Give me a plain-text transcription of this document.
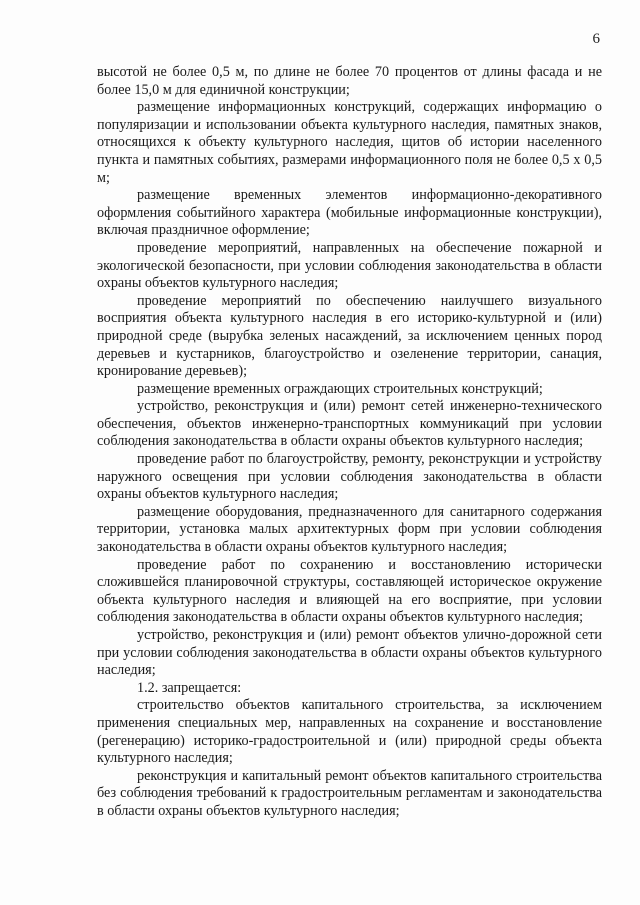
6

высотой не более 0,5 м, по длине не более 70 процентов от длины фасада и не более 15,0 м для единичной конструкции;

размещение информационных конструкций, содержащих информацию о популяризации и использовании объекта культурного наследия, памятных знаков, относящихся к объекту культурного наследия, щитов об истории населенного пункта и памятных событиях, размерами информационного поля не более 0,5 х 0,5 м;

размещение временных элементов информационно-декоративного оформления событийного характера (мобильные информационные конструкции), включая праздничное оформление;

проведение мероприятий, направленных на обеспечение пожарной и экологической безопасности, при условии соблюдения законодательства в области охраны объектов культурного наследия;

проведение мероприятий по обеспечению наилучшего визуального восприятия объекта культурного наследия в его историко-культурной и (или) природной среде (вырубка зеленых насаждений, за исключением ценных пород деревьев и кустарников, благоустройство и озеленение территории, санация, кронирование деревьев);

размещение временных ограждающих строительных конструкций;

устройство, реконструкция и (или) ремонт сетей инженерно-технического обеспечения, объектов инженерно-транспортных коммуникаций при условии соблюдения законодательства в области охраны объектов культурного наследия;

проведение работ по благоустройству, ремонту, реконструкции и устройству наружного освещения при условии соблюдения законодательства в области охраны объектов культурного наследия;

размещение оборудования, предназначенного для санитарного содержания территории, установка малых архитектурных форм при условии соблюдения законодательства в области охраны объектов культурного наследия;

проведение работ по сохранению и восстановлению исторически сложившейся планировочной структуры, составляющей историческое окружение объекта культурного наследия и влияющей на его восприятие, при условии соблюдения законодательства в области охраны объектов культурного наследия;

устройство, реконструкция и (или) ремонт объектов улично-дорожной сети при условии соблюдения законодательства в области охраны объектов культурного наследия;

1.2. запрещается:

строительство объектов капитального строительства, за исключением применения специальных мер, направленных на сохранение и восстановление (регенерацию) историко-градостроительной и (или) природной среды объекта культурного наследия;

реконструкция и капитальный ремонт объектов капитального строительства без соблюдения требований к градостроительным регламентам и законодательства в области охраны объектов культурного наследия;
